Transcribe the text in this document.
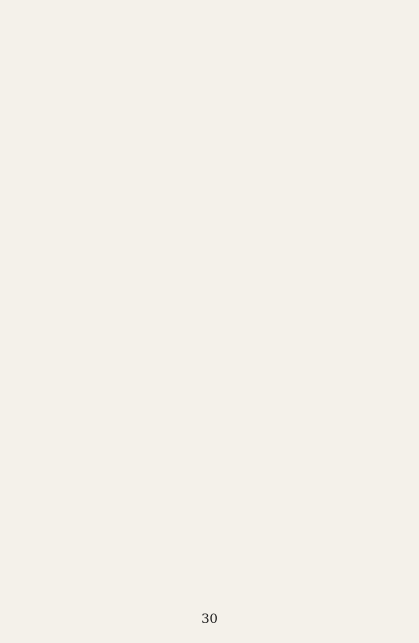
30
